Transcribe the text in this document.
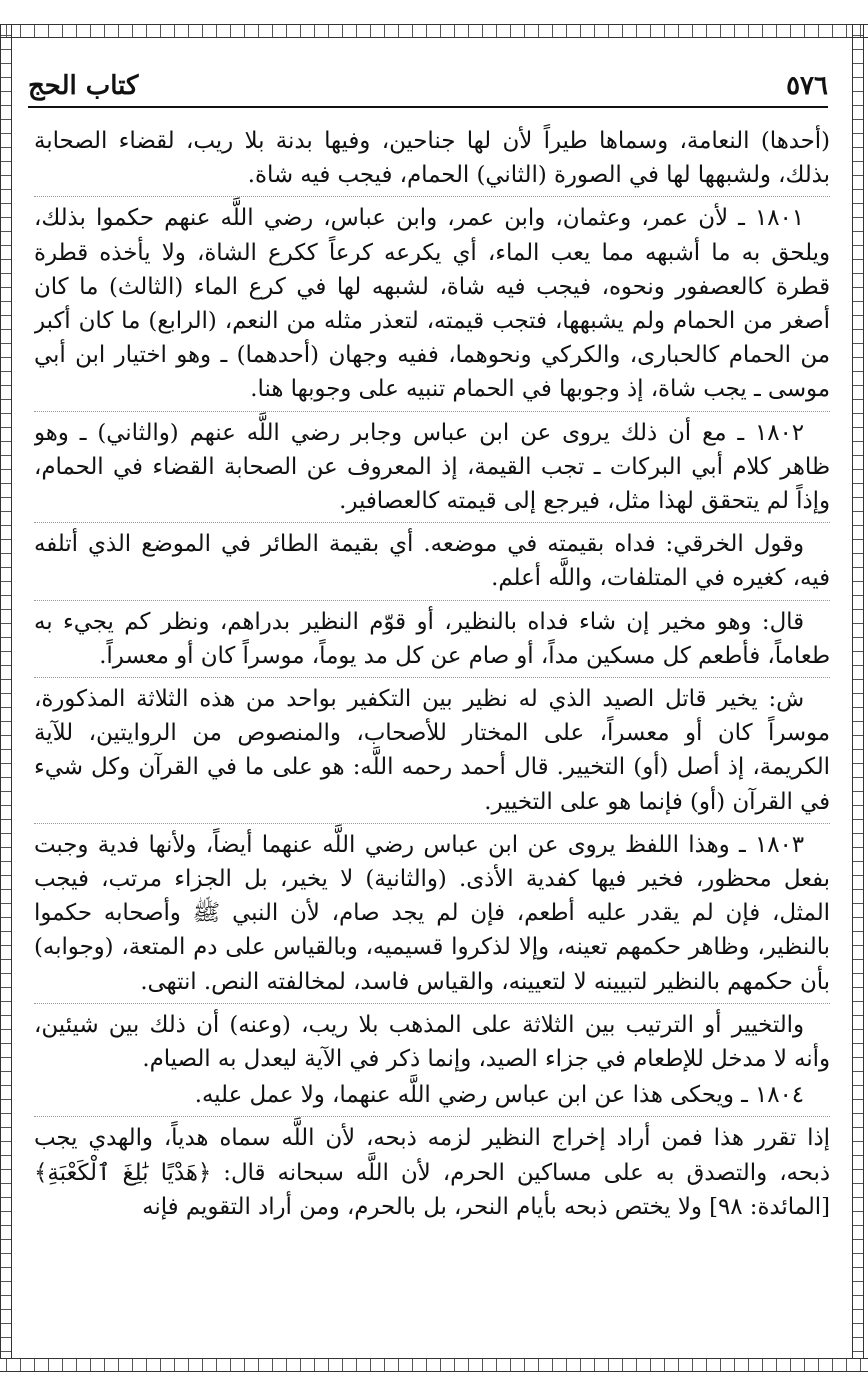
٥٧٦
كتاب الحج

(أحدها) النعامة، وسماها طيراً لأن لها جناحين، وفيها بدنة بلا ريب، لقضاء الصحابة بذلك، ولشبهها لها في الصورة (الثاني) الحمام، فيجب فيه شاة.

١٨٠١ ـ لأن عمر، وعثمان، وابن عمر، وابن عباس، رضي اللَّه عنهم حكموا بذلك، ويلحق به ما أشبهه مما يعب الماء، أي يكرعه كرعاً ككرع الشاة، ولا يأخذه قطرة قطرة كالعصفور ونحوه، فيجب فيه شاة، لشبهه لها في كرع الماء (الثالث) ما كان أصغر من الحمام ولم يشبهها، فتجب قيمته، لتعذر مثله من النعم، (الرابع) ما كان أكبر من الحمام كالحبارى، والكركي ونحوهما، ففيه وجهان (أحدهما) ـ وهو اختيار ابن أبي موسى ـ يجب شاة، إذ وجوبها في الحمام تنبيه على وجوبها هنا.

١٨٠٢ ـ مع أن ذلك يروى عن ابن عباس وجابر رضي اللَّه عنهم (والثاني) ـ وهو ظاهر كلام أبي البركات ـ تجب القيمة، إذ المعروف عن الصحابة القضاء في الحمام، وإذاً لم يتحقق لهذا مثل، فيرجع إلى قيمته كالعصافير.

وقول الخرقي: فداه بقيمته في موضعه. أي بقيمة الطائر في الموضع الذي أتلفه فيه، كغيره في المتلفات، واللَّه أعلم.

قال: وهو مخير إن شاء فداه بالنظير، أو قوّم النظير بدراهم، ونظر كم يجيء به طعاماً، فأطعم كل مسكين مداً، أو صام عن كل مد يوماً، موسراً كان أو معسراً.

ش: يخير قاتل الصيد الذي له نظير بين التكفير بواحد من هذه الثلاثة المذكورة، موسراً كان أو معسراً، على المختار للأصحاب، والمنصوص من الروايتين، للآية الكريمة، إذ أصل (أو) التخيير. قال أحمد رحمه اللَّه: هو على ما في القرآن وكل شيء في القرآن (أو) فإنما هو على التخيير.

١٨٠٣ ـ وهذا اللفظ يروى عن ابن عباس رضي اللَّه عنهما أيضاً، ولأنها فدية وجبت بفعل محظور، فخير فيها كفدية الأذى. (والثانية) لا يخير، بل الجزاء مرتب، فيجب المثل، فإن لم يقدر عليه أطعم، فإن لم يجد صام، لأن النبي ﷺ وأصحابه حكموا بالنظير، وظاهر حكمهم تعينه، وإلا لذكروا قسيميه، وبالقياس على دم المتعة، (وجوابه) بأن حكمهم بالنظير لتبيينه لا لتعيينه، والقياس فاسد، لمخالفته النص. انتهى.

والتخيير أو الترتيب بين الثلاثة على المذهب بلا ريب، (وعنه) أن ذلك بين شيئين، وأنه لا مدخل للإطعام في جزاء الصيد، وإنما ذكر في الآية ليعدل به الصيام.

١٨٠٤ ـ ويحكى هذا عن ابن عباس رضي اللَّه عنهما، ولا عمل عليه.

إذا تقرر هذا فمن أراد إخراج النظير لزمه ذبحه، لأن اللَّه سماه هدياً، والهدي يجب ذبحه، والتصدق به على مساكين الحرم، لأن اللَّه سبحانه قال: ﴿هَدْيًا بَٰلِغَ ٱلْكَعْبَةِ﴾ [المائدة: ٩٨] ولا يختص ذبحه بأيام النحر، بل بالحرم، ومن أراد التقويم فإنه
